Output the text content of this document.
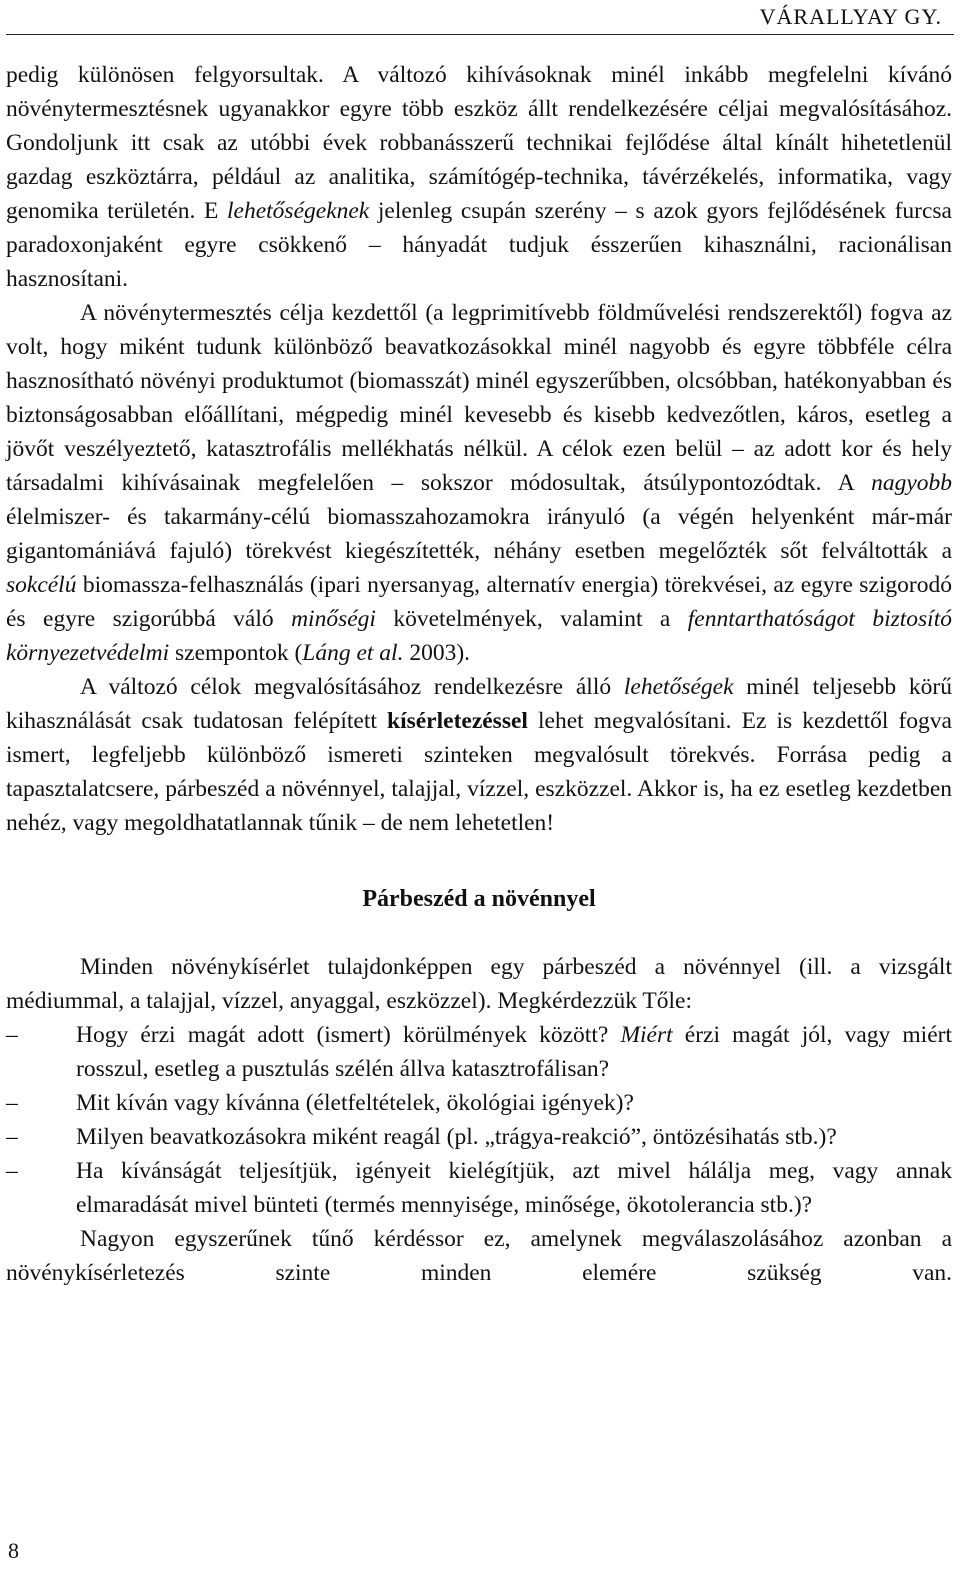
VÁRALLYAY GY.

pedig különösen felgyorsultak. A változó kihívásoknak minél inkább megfelelni kívánó növénytermesztésnek ugyanakkor egyre több eszköz állt rendelkezésére céljai megvalósításához. Gondoljunk itt csak az utóbbi évek robbanásszerű technikai fejlődése által kínált hihetetlenül gazdag eszköztárra, például az analitika, számítógép-technika, távérzékelés, informatika, vagy genomika területén. E lehetőségeknek jelenleg csupán szerény – s azok gyors fejlődésének furcsa paradoxonjaként egyre csökkenő – hányadát tudjuk ésszerűen kihasználni, racionálisan hasznosítani.

A növénytermesztés célja kezdettől (a legprimitívebb földművelési rendszerektől) fogva az volt, hogy miként tudunk különböző beavatkozásokkal minél nagyobb és egyre többféle célra hasznosítható növényi produktumot (biomasszát) minél egyszerűbben, olcsóbban, hatékonyabban és biztonságosabban előállítani, mégpedig minél kevesebb és kisebb kedvezőtlen, káros, esetleg a jövőt veszélyeztető, katasztrofális mellékhatás nélkül. A célok ezen belül – az adott kor és hely társadalmi kihívásainak megfelelően – sokszor módosultak, átsúlypontozódtak. A nagyobb élelmiszer- és takarmány-célú biomasszahozamokra irányuló (a végén helyenként már-már gigantomániává fajuló) törekvést kiegészítették, néhány esetben megelőzték sőt felváltották a sokcélú biomassza-felhasználás (ipari nyersanyag, alternatív energia) törekvései, az egyre szigorodó és egyre szigorúbbá váló minőségi követelmények, valamint a fenntarthatóságot biztosító környezetvédelmi szempontok (Láng et al. 2003).

A változó célok megvalósításához rendelkezésre álló lehetőségek minél teljesebb körű kihasználását csak tudatosan felépített kísérletezéssel lehet megvalósítani. Ez is kezdettől fogva ismert, legfeljebb különböző ismereti szinteken megvalósult törekvés. Forrása pedig a tapasztalatcsere, párbeszéd a növénnyel, talajjal, vízzel, eszközzel. Akkor is, ha ez esetleg kezdetben nehéz, vagy megoldhatatlannak tűnik – de nem lehetetlen!

Párbeszéd a növénnyel

Minden növénykísérlet tulajdonképpen egy párbeszéd a növénnyel (ill. a vizsgált médiummal, a talajjal, vízzel, anyaggal, eszközzel). Megkérdezzük Tőle:

– Hogy érzi magát adott (ismert) körülmények között? Miért érzi magát jól, vagy miért rosszul, esetleg a pusztulás szélén állva katasztrofálisan?
– Mit kíván vagy kívánna (életfeltételek, ökológiai igények)?
– Milyen beavatkozásokra miként reagál (pl. „trágya-reakció”, öntözésihatás stb.)?
– Ha kívánságát teljesítjük, igényeit kielégítjük, azt mivel hálálja meg, vagy annak elmaradását mivel bünteti (termés mennyisége, minősége, ökotolerancia stb.)?

Nagyon egyszerűnek tűnő kérdéssor ez, amelynek megválaszolásához azonban a növénykísérletezés szinte minden elemére szükség van.

8
